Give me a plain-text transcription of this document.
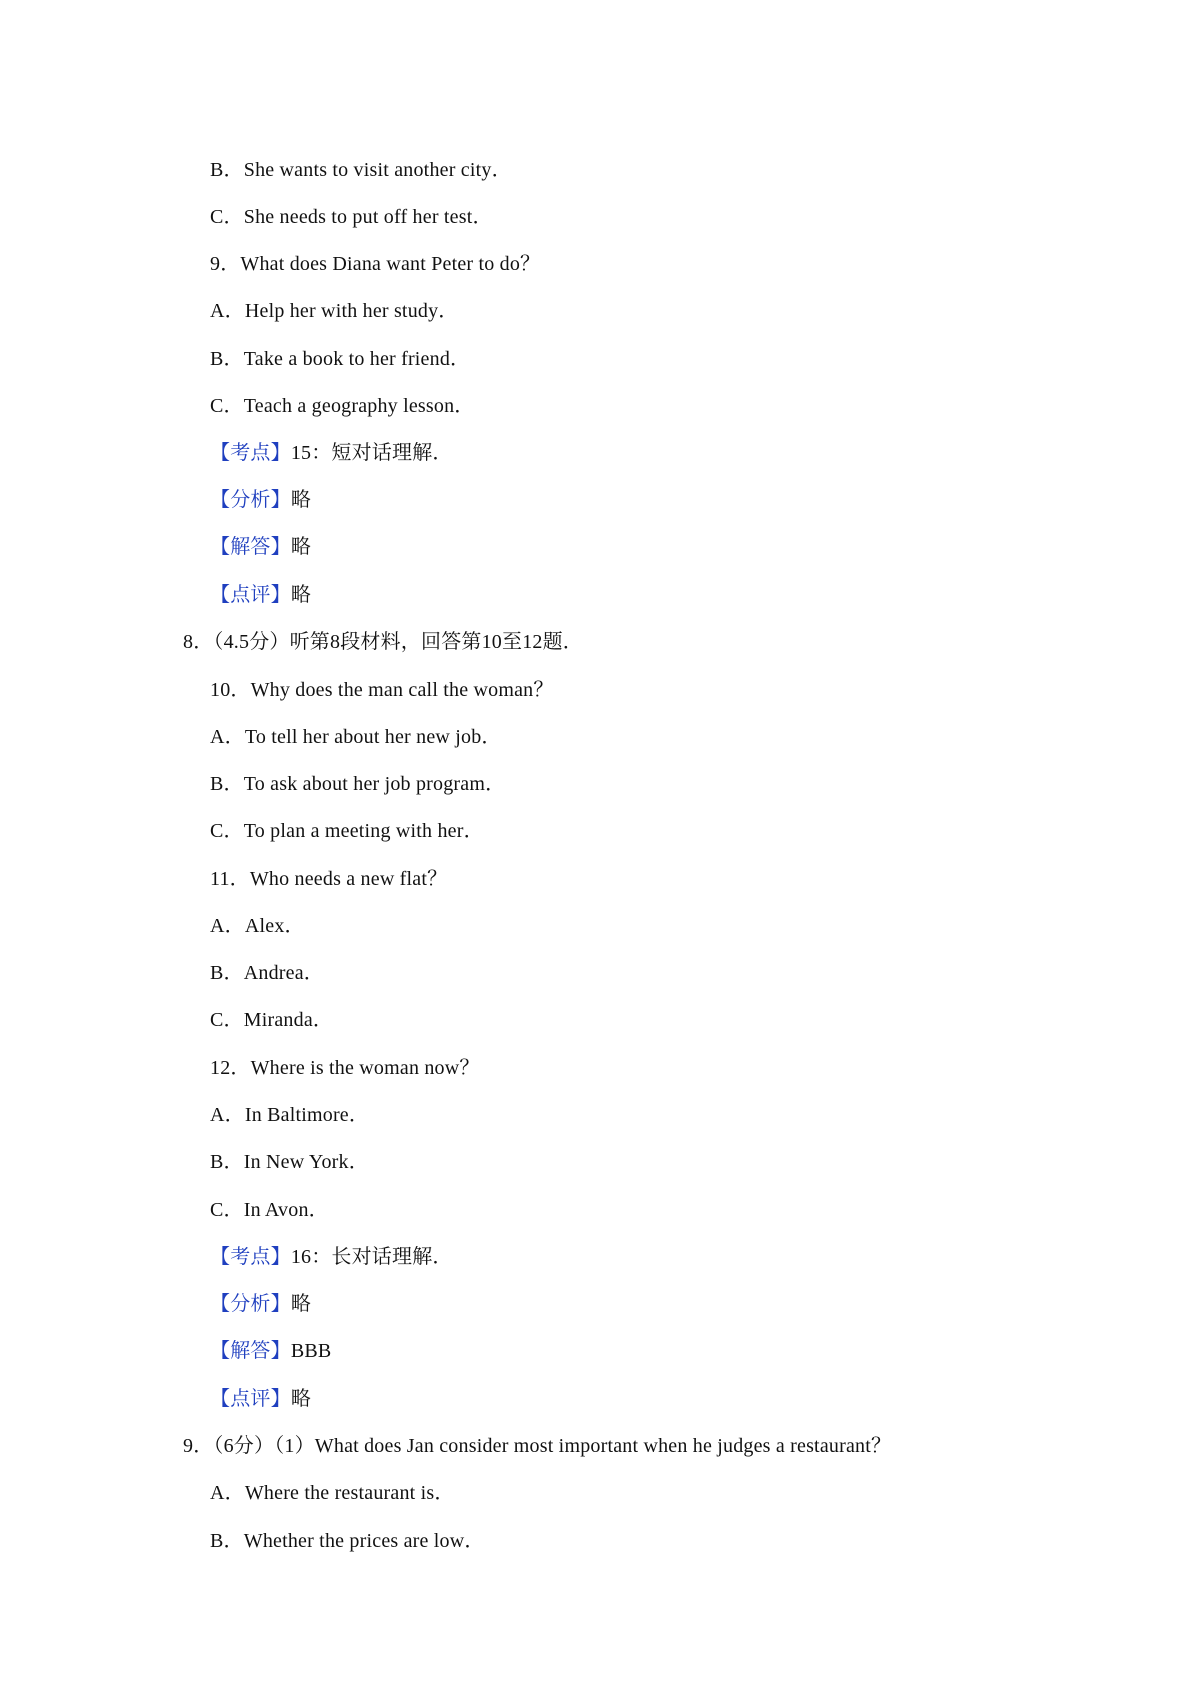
B．She wants to visit another city．
C．She needs to put off her test．
9．What does Diana want Peter to do？
A．Help her with her study．
B．Take a book to her friend．
C．Teach a geography lesson．
【考点】15：短对话理解．
【分析】略
【解答】略
【点评】略
8．（4.5分）听第8段材料，回答第10至12题．
10．Why does the man call the woman？
A．To tell her about her new job．
B．To ask about her job program．
C．To plan a meeting with her．
11．Who needs a new flat？
A．Alex．
B．Andrea．
C．Miranda．
12．Where is the woman now？
A．In Baltimore．
B．In New York．
C．In Avon．
【考点】16：长对话理解．
【分析】略
【解答】BBB
【点评】略
9．（6分）（1）What does Jan consider most important when he judges a restaurant？
A．Where the restaurant is．
B．Whether the prices are low．
